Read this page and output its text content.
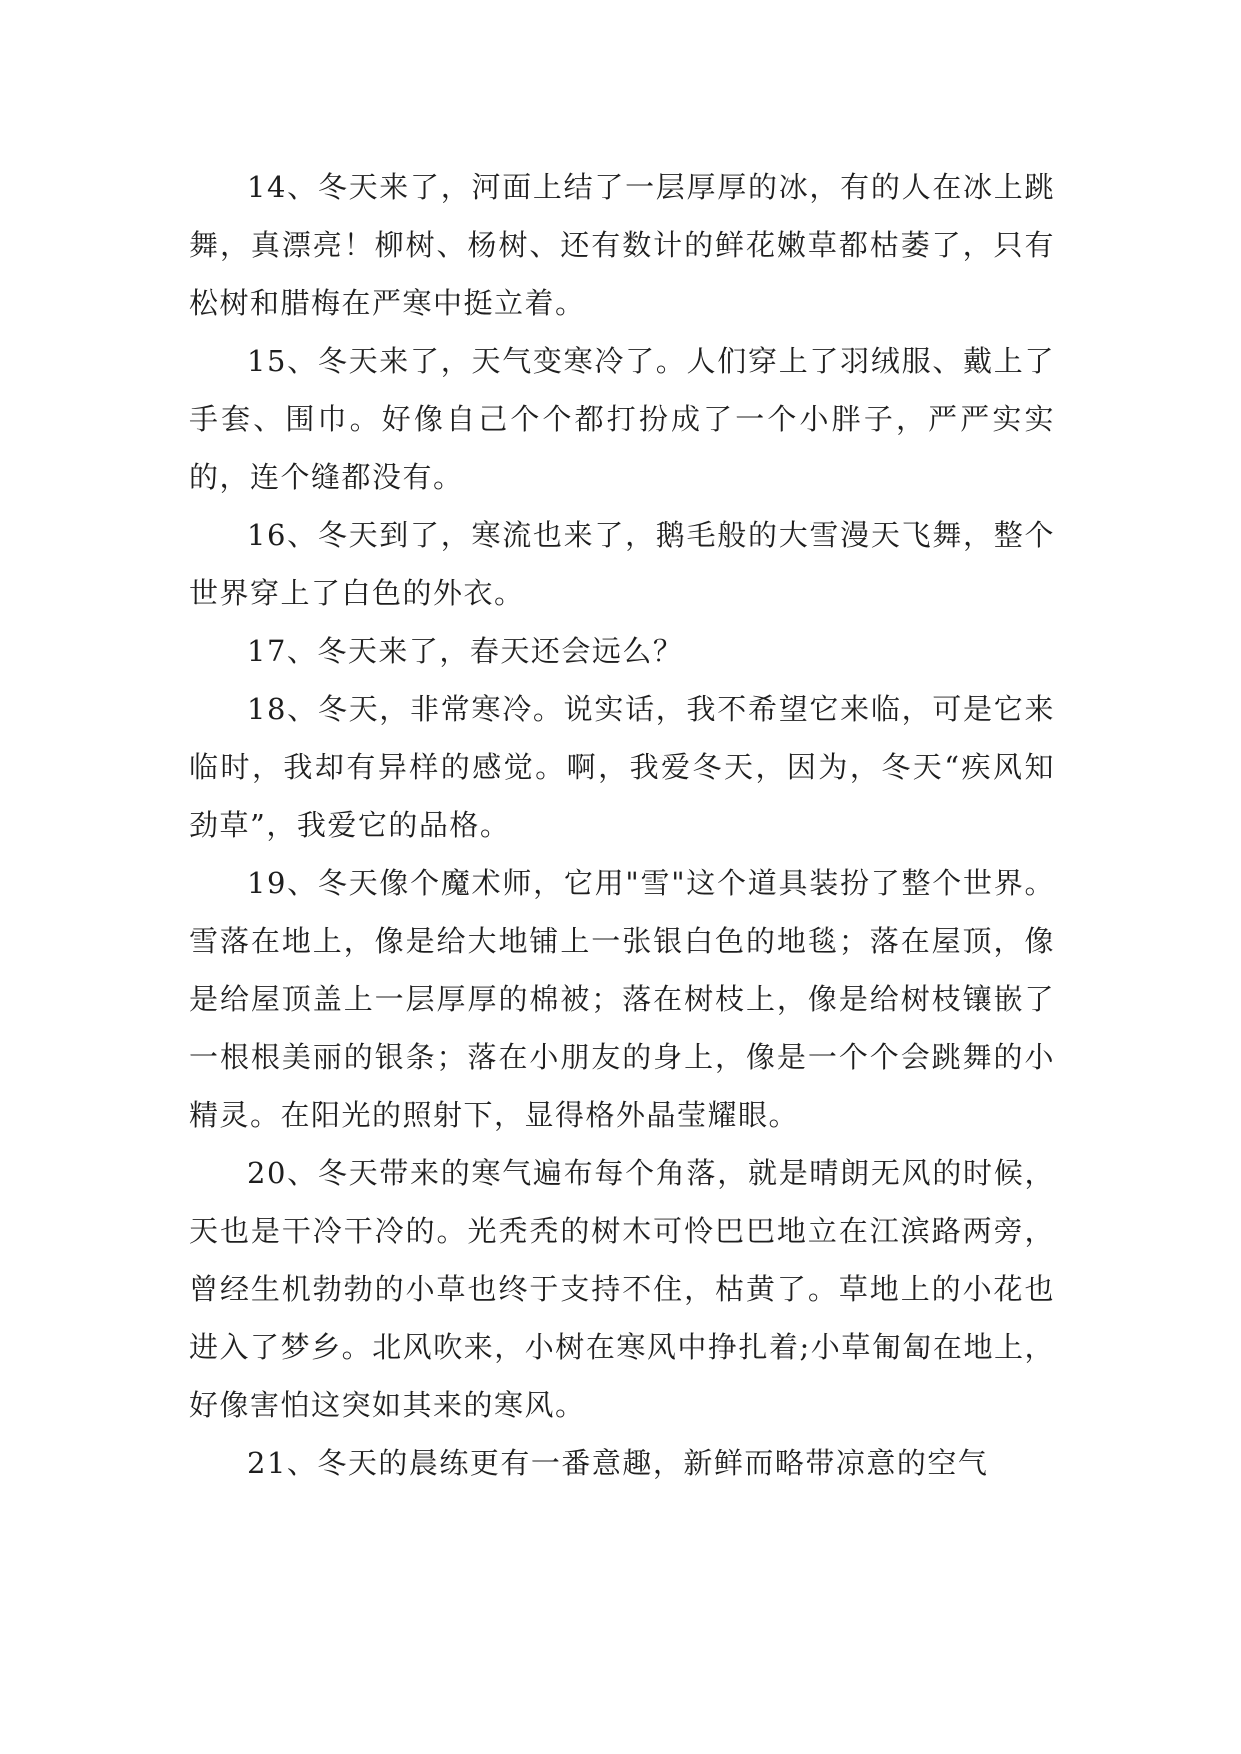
14、冬天来了，河面上结了一层厚厚的冰，有的人在冰上跳舞，真漂亮！柳树、杨树、还有数计的鲜花嫩草都枯萎了，只有松树和腊梅在严寒中挺立着。

15、冬天来了，天气变寒冷了。人们穿上了羽绒服、戴上了手套、围巾。好像自己个个都打扮成了一个小胖子，严严实实的，连个缝都没有。

16、冬天到了，寒流也来了，鹅毛般的大雪漫天飞舞，整个世界穿上了白色的外衣。

17、冬天来了，春天还会远么？

18、冬天，非常寒冷。说实话，我不希望它来临，可是它来临时，我却有异样的感觉。啊，我爱冬天，因为，冬天“疾风知劲草”，我爱它的品格。

19、冬天像个魔术师，它用"雪"这个道具装扮了整个世界。雪落在地上，像是给大地铺上一张银白色的地毯；落在屋顶，像是给屋顶盖上一层厚厚的棉被；落在树枝上，像是给树枝镶嵌了一根根美丽的银条；落在小朋友的身上，像是一个个会跳舞的小精灵。在阳光的照射下，显得格外晶莹耀眼。

20、冬天带来的寒气遍布每个角落，就是晴朗无风的时候，天也是干冷干冷的。光秃秃的树木可怜巴巴地立在江滨路两旁，曾经生机勃勃的小草也终于支持不住，枯黄了。草地上的小花也进入了梦乡。北风吹来，小树在寒风中挣扎着;小草匍匐在地上，好像害怕这突如其来的寒风。

21、冬天的晨练更有一番意趣，新鲜而略带凉意的空气
